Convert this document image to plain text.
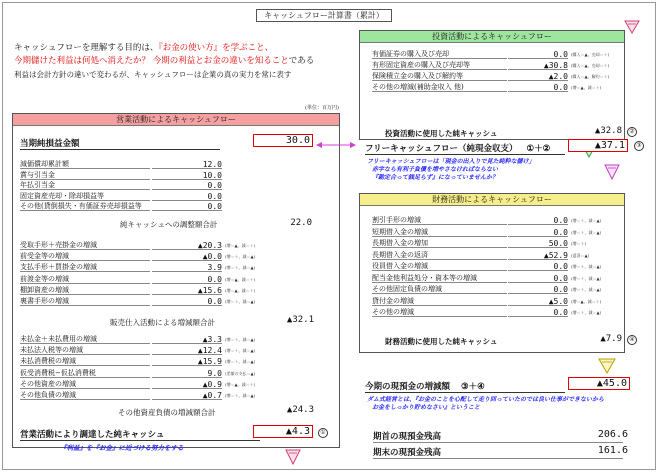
キャッシュフロー計算書（累計）
キャッシュフローを理解する目的は、『お金の使い方』を学ぶこと、
今期儲けた利益は何処へ消えたか？ 今期の利益とお金の違いを知ることである
利益は会計方針の違いで変わるが、キャッシュフローは企業の真の実力を常に表す
(単位：百万円)
営業活動によるキャッシュフロー
当期純損益金額	30.0
減価償却累計額	12.0
賞与引当金	10.0
年払引当金	0.0
固定資産売却・除却損益等	0.0
その他(貸倒損失・有価証券売却損益等	0.0
純キャッシュへの調整額合計	22.0
受取手形＋売掛金の増減	▲20.3 (増＝▲、減＝＋)
前受金等の増減	▲0.0 (増＝＋、減＝▲)
支払手形＋買掛金の増減	3.9 (増＝＋、減＝▲)
前渡金等の増減	0.0 (増＝▲、減＝＋)
棚卸資産の増減	▲15.6 (増＝▲、減＝＋)
裏書手形の増減	0.0 (増＝＋、減＝▲)
販売仕入活動による増減額合計	▲32.1
未払金＋未払費用の増減	▲3.3 (増＝＋、減＝▲)
未払法人税等の増減	▲12.4 (増＝＋、減＝▲)
未払消費税の増減	▲15.9 (増＝＋、減＝▲)
仮受消費税−仮払消費税	9.0 (差額の支払＝▲)
その他資産の増減	▲0.9 (増＝▲、減＝＋)
その他負債の増減	▲0.7 (増＝＋、減＝▲)
その他資産負債の増減額合計	▲24.3
営業活動により調達した純キャッシュ	▲4.3	①
『利益』を『お金』に近づける努力をする
投資活動によるキャッシュフロー
有価証券の購入及び売却	0.0 (購入＝▲、売却＝＋)
有形固定資産の購入及び売却等	▲30.8 (購入＝▲、売却＝＋)
保険積立金の購入及び解約等	▲2.0 (購入＝▲、解約＝＋)
その他の増減(補助金収入 他)	0.0 (増＝▲、減＝＋)
投資活動に使用した純キャッシュ	▲32.8	②
フリーキャッシュフロー（純現金収支） ①＋②	▲37.1	③
フリーキャッシュフローは「現金の出入りで見た純粋な儲け」
赤字なら有利子負債を増やさなければならない
『勘定合って銭足らず』になっていませんか？
財務活動によるキャッシュフロー
割引手形の増減	0.0 (増＝＋、減＝▲)
短期借入金の増減	0.0 (増＝＋、減＝▲)
長期借入金の増加	50.0 (増＝＋)
長期借入金の返済	▲52.9 (返済＝▲)
役員借入金の増減	0.0 (増＝＋、減＝▲)
配当金他利益処分・資本等の増減	0.0 (増＝＋、減＝▲)
その他固定負債の増減	0.0 (増＝＋、減＝▲)
貸付金の増減	▲5.0 (増＝▲、減＝＋)
その他の増減	0.0 (増＝＋、減＝▲)
財務活動に使用した純キャッシュ	▲7.9	④
今期の現預金の増減額 ③＋④	▲45.0
ダム式経営とは、『お金のことを心配して走り回っていたのでは良い仕事ができないから
お金をしっかり貯めなさい』ということ
期首の現預金残高	206.6
期末の現預金残高	161.6
